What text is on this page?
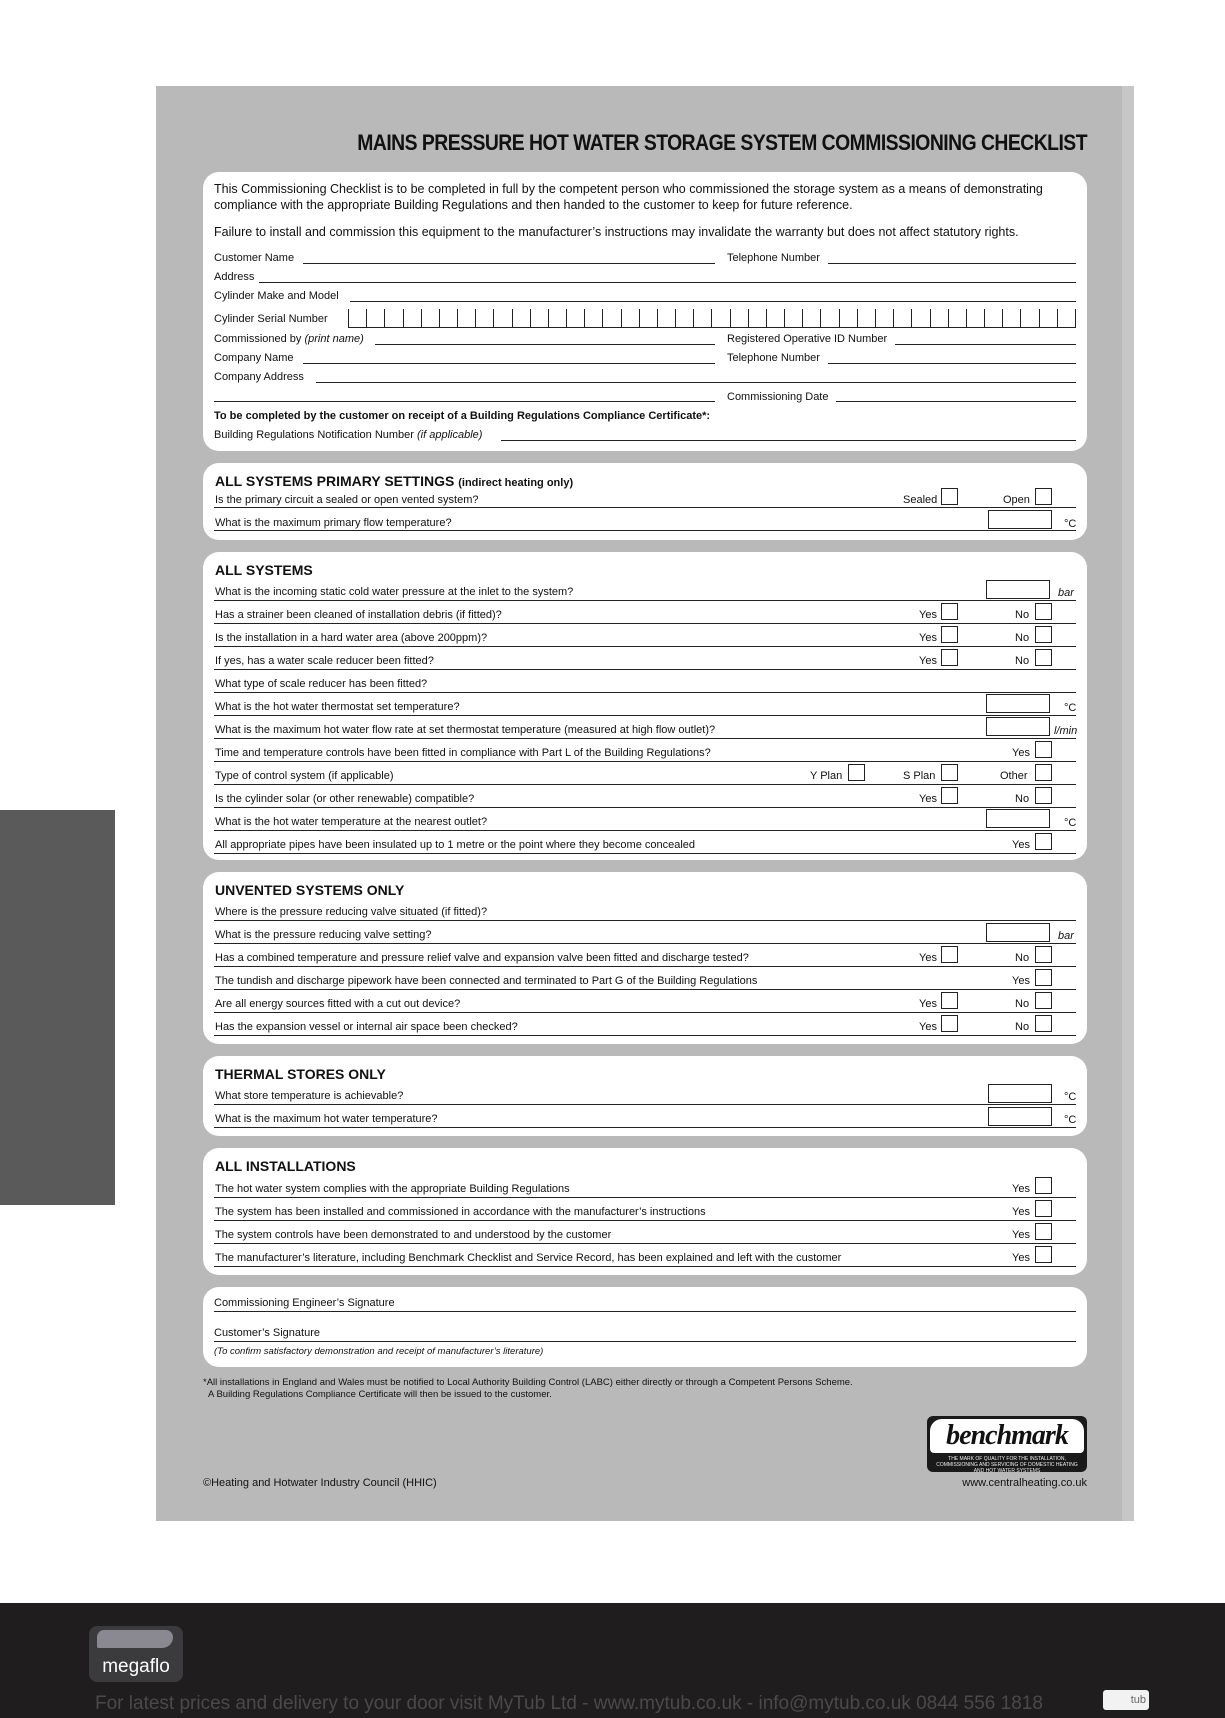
MAINS PRESSURE HOT WATER STORAGE SYSTEM COMMISSIONING CHECKLIST
This Commissioning Checklist is to be completed in full by the competent person who commissioned the storage system as a means of demonstrating compliance with the appropriate Building Regulations and then handed to the customer to keep for future reference.
Failure to install and commission this equipment to the manufacturer’s instructions may invalidate the warranty but does not affect statutory rights.
Customer Name	Telephone Number
Address
Cylinder Make and Model
Cylinder Serial Number
Commissioned by (print name)	Registered Operative ID Number
Company Name	Telephone Number
Company Address
Commissioning Date
To be completed by the customer on receipt of a Building Regulations Compliance Certificate*:
Building Regulations Notification Number (if applicable)
ALL SYSTEMS PRIMARY SETTINGS (indirect heating only)
Is the primary circuit a sealed or open vented system?	Sealed	Open
What is the maximum primary flow temperature?	°C
ALL SYSTEMS
What is the incoming static cold water pressure at the inlet to the system?	bar
Has a strainer been cleaned of installation debris (if fitted)?	Yes	No
Is the installation in a hard water area (above 200ppm)?	Yes	No
If yes, has a water scale reducer been fitted?	Yes	No
What type of scale reducer has been fitted?
What is the hot water thermostat set temperature?	°C
What is the maximum hot water flow rate at set thermostat temperature (measured at high flow outlet)?	l/min
Time and temperature controls have been fitted in compliance with Part L of the Building Regulations?	Yes
Type of control system (if applicable)	Y Plan	S Plan	Other
Is the cylinder solar (or other renewable) compatible?	Yes	No
What is the hot water temperature at the nearest outlet?	°C
All appropriate pipes have been insulated up to 1 metre or the point where they become concealed	Yes
UNVENTED SYSTEMS ONLY
Where is the pressure reducing valve situated (if fitted)?
What is the pressure reducing valve setting?	bar
Has a combined temperature and pressure relief valve and expansion valve been fitted and discharge tested?	Yes	No
The tundish and discharge pipework have been connected and terminated to Part G of the Building Regulations	Yes
Are all energy sources fitted with a cut out device?	Yes	No
Has the expansion vessel or internal air space been checked?	Yes	No
THERMAL STORES ONLY
What store temperature is achievable?	°C
What is the maximum hot water temperature?	°C
ALL INSTALLATIONS
The hot water system complies with the appropriate Building Regulations	Yes
The system has been installed and commissioned in accordance with the manufacturer’s instructions	Yes
The system controls have been demonstrated to and understood by the customer	Yes
The manufacturer’s literature, including Benchmark Checklist and Service Record, has been explained and left with the customer	Yes
Commissioning Engineer’s Signature
Customer’s Signature
(To confirm satisfactory demonstration and receipt of manufacturer’s literature)
*All installations in England and Wales must be notified to Local Authority Building Control (LABC) either directly or through a Competent Persons Scheme.
A Building Regulations Compliance Certificate will then be issued to the customer.
benchmark
THE MARK OF QUALITY FOR THE INSTALLATION, COMMISSIONING AND SERVICING OF DOMESTIC HEATING AND HOT WATER SYSTEMS
©Heating and Hotwater Industry Council (HHIC)	www.centralheating.co.uk
megaflo
For latest prices and delivery to your door visit MyTub Ltd - www.mytub.co.uk - info@mytub.co.uk 0844 556 1818	tub
